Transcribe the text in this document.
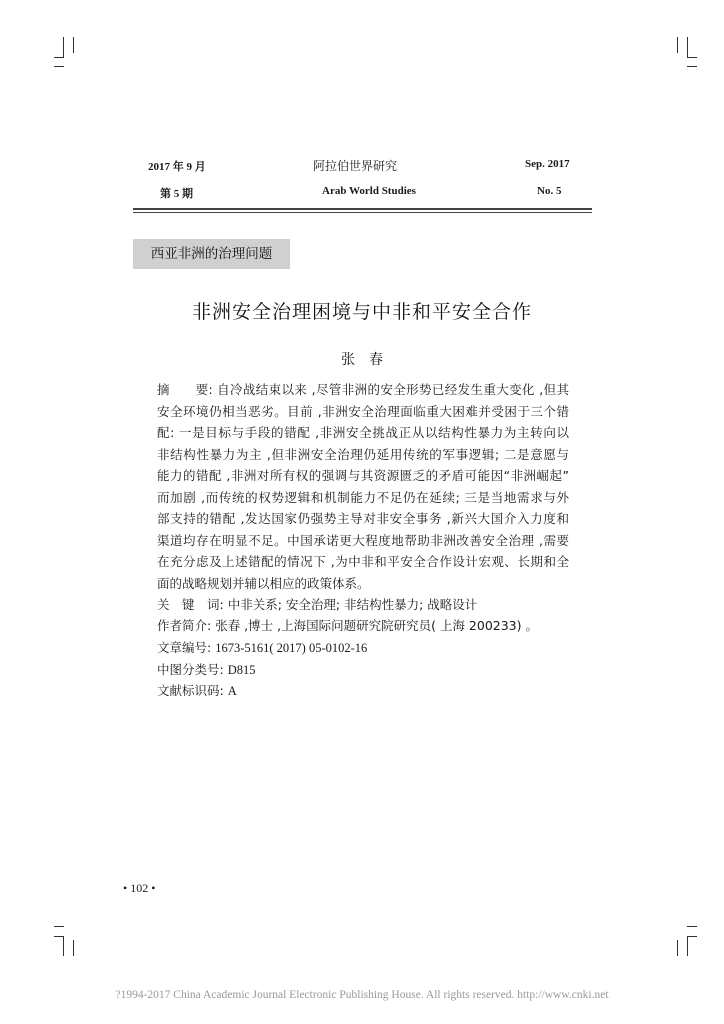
2017 年 9 月	阿拉伯世界研究	Sep. 2017
第 5 期	Arab World Studies	No. 5
西亚非洲的治理问题
非洲安全治理困境与中非和平安全合作
张　春
摘　　要: 自冷战结束以来 ,尽管非洲的安全形势已经发生重大变化 ,但其
安全环境仍相当恶劣。目前 ,非洲安全治理面临重大困难并受困于三个错
配: 一是目标与手段的错配 ,非洲安全挑战正从以结构性暴力为主转向以
非结构性暴力为主 ,但非洲安全治理仍延用传统的军事逻辑; 二是意愿与
能力的错配 ,非洲对所有权的强调与其资源匮乏的矛盾可能因“非洲崛起”
而加剧 ,而传统的权势逻辑和机制能力不足仍在延续; 三是当地需求与外
部支持的错配 ,发达国家仍强势主导对非安全事务 ,新兴大国介入力度和
渠道均存在明显不足。中国承诺更大程度地帮助非洲改善安全治理 ,需要
在充分虑及上述错配的情况下 ,为中非和平安全合作设计宏观、长期和全
面的战略规划并辅以相应的政策体系。
关　键　词: 中非关系; 安全治理; 非结构性暴力; 战略设计
作者简介: 张春 ,博士 ,上海国际问题研究院研究员( 上海 200233) 。
文章编号: 1673-5161( 2017) 05-0102-16
中图分类号: D815
文献标识码: A
• 102 •
?1994-2017 China Academic Journal Electronic Publishing House. All rights reserved. http://www.cnki.net
